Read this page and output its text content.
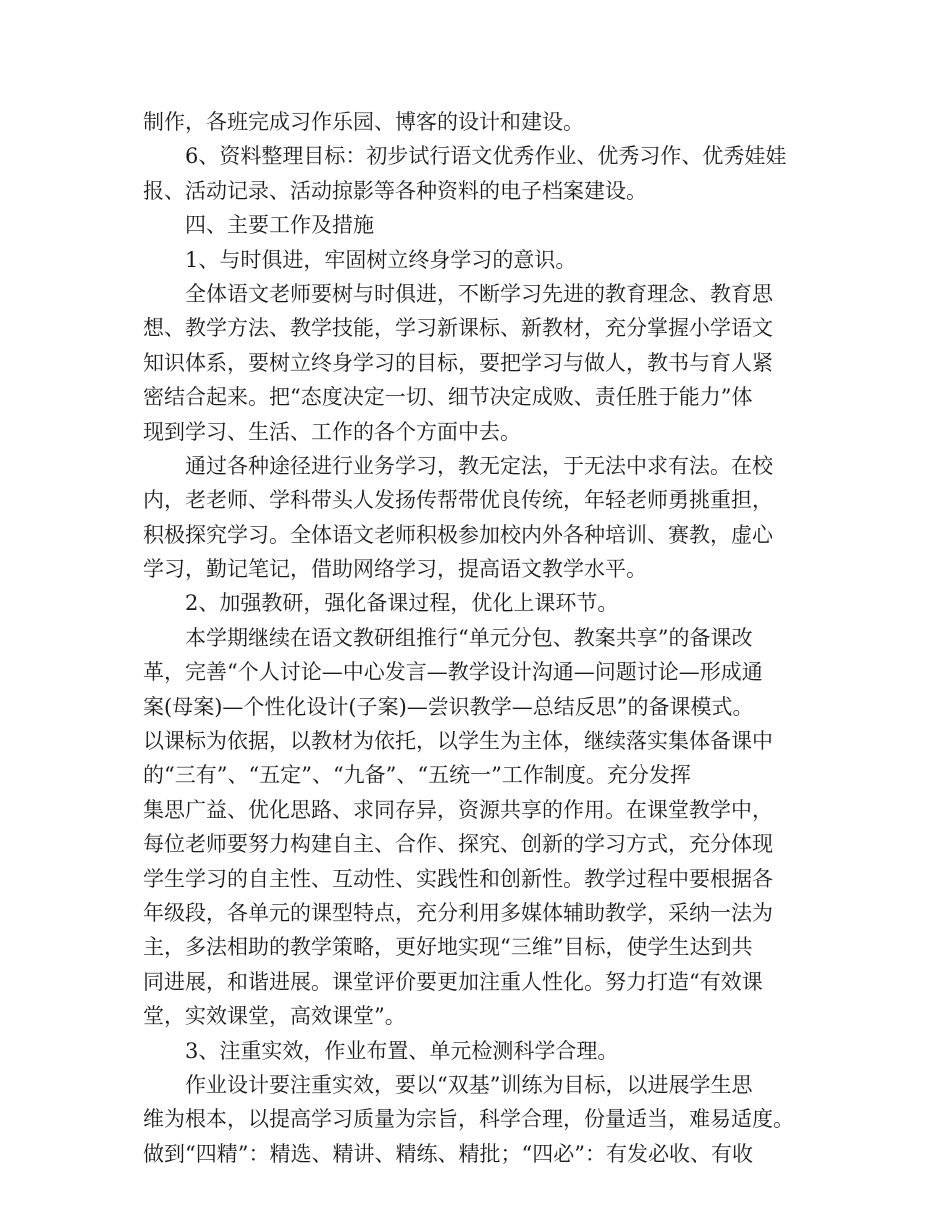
制作，各班完成习作乐园、博客的设计和建设。
6、资料整理目标：初步试行语文优秀作业、优秀习作、优秀娃娃
报、活动记录、活动掠影等各种资料的电子档案建设。
四、主要工作及措施
1、与时俱进，牢固树立终身学习的意识。
全体语文老师要树与时俱进，不断学习先进的教育理念、教育思
想、教学方法、教学技能，学习新课标、新教材，充分掌握小学语文
知识体系，要树立终身学习的目标，要把学习与做人，教书与育人紧
密结合起来。把“态度决定一切、细节决定成败、责任胜于能力”体
现到学习、生活、工作的各个方面中去。
通过各种途径进行业务学习，教无定法，于无法中求有法。在校
内，老老师、学科带头人发扬传帮带优良传统，年轻老师勇挑重担，
积极探究学习。全体语文老师积极参加校内外各种培训、赛教，虚心
学习，勤记笔记，借助网络学习，提高语文教学水平。
2、加强教研，强化备课过程，优化上课环节。
本学期继续在语文教研组推行“单元分包、教案共享”的备课改
革，完善“个人讨论—中心发言—教学设计沟通—问题讨论—形成通
案(母案)—个性化设计(子案)—尝识教学—总结反思”的备课模式。
以课标为依据，以教材为依托，以学生为主体，继续落实集体备课中
的“三有”、“五定”、“九备”、“五统一”工作制度。充分发挥
集思广益、优化思路、求同存异，资源共享的作用。在课堂教学中，
每位老师要努力构建自主、合作、探究、创新的学习方式，充分体现
学生学习的自主性、互动性、实践性和创新性。教学过程中要根据各
年级段，各单元的课型特点，充分利用多媒体辅助教学，采纳一法为
主，多法相助的教学策略，更好地实现“三维”目标，使学生达到共
同进展，和谐进展。课堂评价要更加注重人性化。努力打造“有效课
堂，实效课堂，高效课堂”。
3、注重实效，作业布置、单元检测科学合理。
作业设计要注重实效，要以“双基”训练为目标，以进展学生思
维为根本，以提高学习质量为宗旨，科学合理，份量适当，难易适度。
做到“四精”：精选、精讲、精练、精批；“四必”：有发必收、有收
